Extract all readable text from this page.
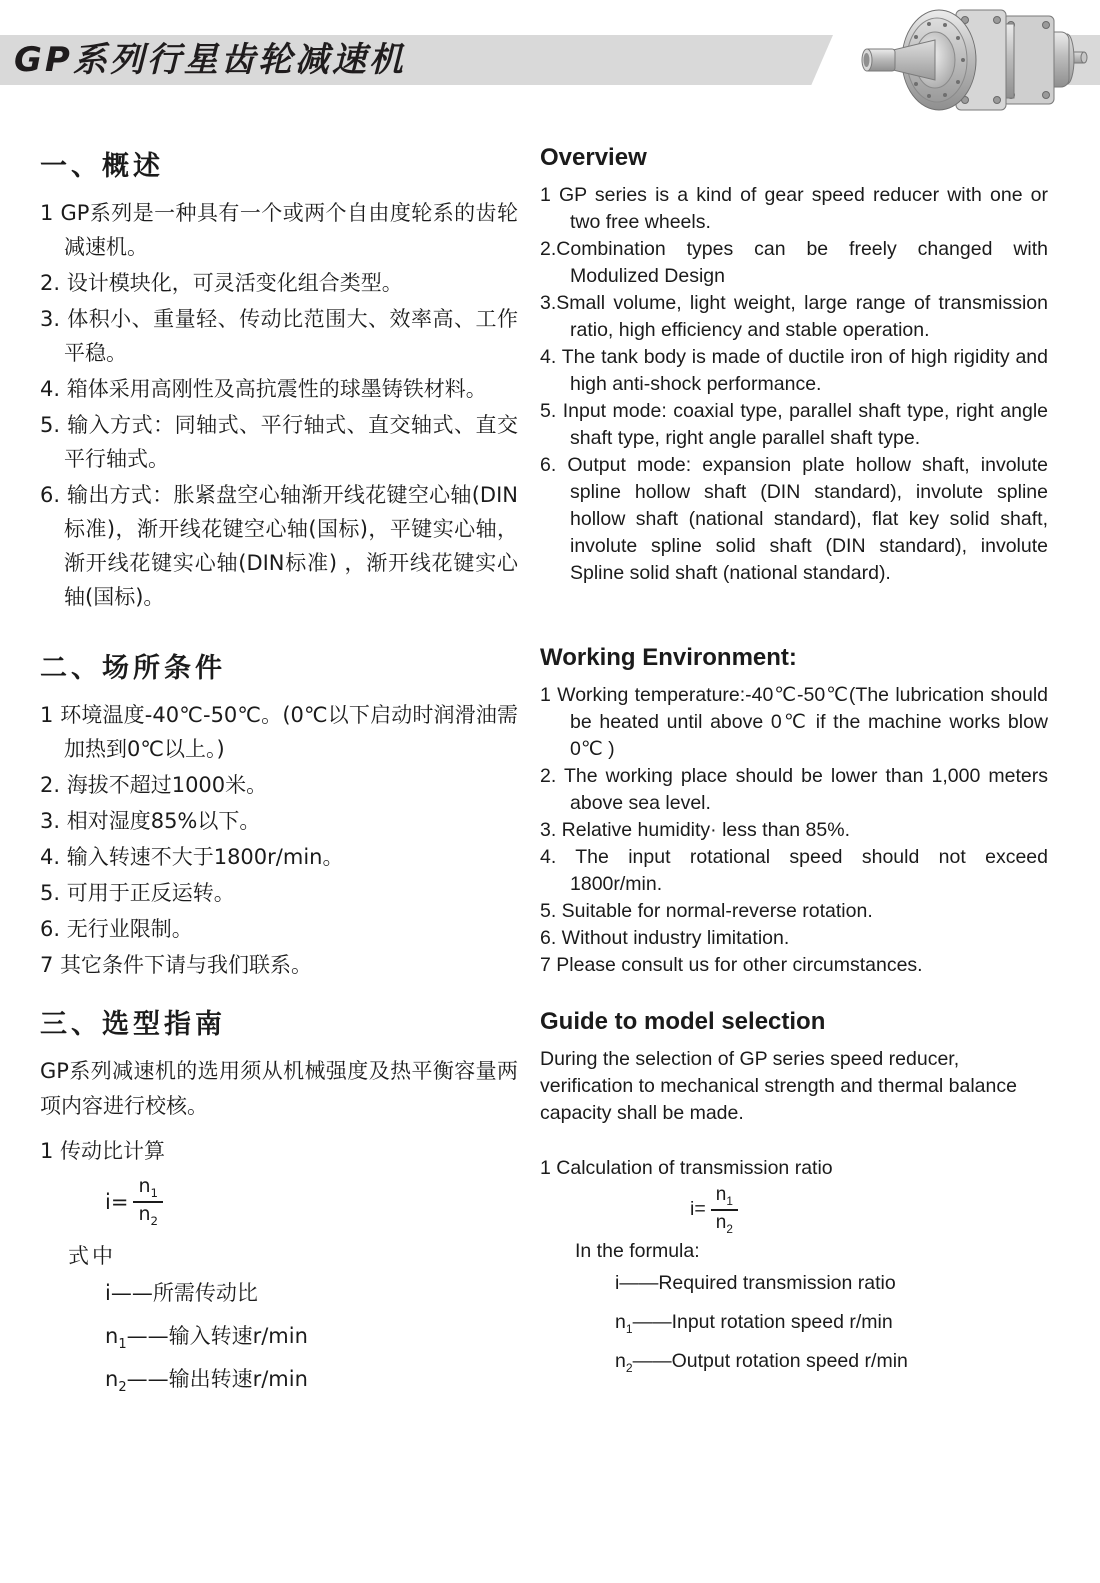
GP系列行星齿轮减速机
一、概述

1 GP系列是一种具有一个或两个自由度轮系的齿轮减速机。

2. 设计模块化，可灵活变化组合类型。

3. 体积小、重量轻、传动比范围大、效率高、工作平稳。

4. 箱体采用高刚性及高抗震性的球墨铸铁材料。

5. 输入方式：同轴式、平行轴式、直交轴式、直交平行轴式。

6. 输出方式：胀紧盘空心轴渐开线花键空心轴(DIN标准)，渐开线花键空心轴(国标)，平键实心轴，渐开线花键实心轴(DIN标准) ，渐开线花键实心轴(国标)。

二、场所条件

1 环境温度-40℃-50℃。(0℃以下启动时润滑油需加热到0℃以上。)

2. 海拔不超过1000米。

3. 相对湿度85%以下。

4. 输入转速不大于1800r/min。

5. 可用于正反运转。

6. 无行业限制。

7 其它条件下请与我们联系。

三、选型指南

GP系列减速机的选用须从机械强度及热平衡容量两项内容进行校核。

1 传动比计算

$i= \frac{n_1}{n_2}$

式中

i——所需传动比

$n_1——$输入转速r/min

$n_2——$输出转速r/min

Overview

1 GP series is a kind of gear speed reducer with one or two free wheels.

2.Combination types can be freely changed with Modulized Design

3.Small volume, light weight, large range of transmission ratio, high efficiency and stable operation.

4. The tank body is made of ductile iron of high rigidity and high anti-shock performance.

5. Input mode: coaxial type, parallel shaft type, right angle shaft type, right angle parallel shaft type.

6. Output mode: expansion plate hollow shaft, involute spline hollow shaft (DIN standard), involute spline hollow shaft (national standard), flat key solid shaft, involute spline solid shaft (DIN standard), involute Spline solid shaft (national standard).

Working Environment:

1 Working temperature:-40℃-50℃(The lubrication should be heated until above 0℃ if the machine works blow 0℃ )

2. The working place should be lower than 1,000 meters above sea level.

3. Relative humidity· less than 85%.

4. The input rotational speed should not exceed 1800r/min.

5. Suitable for normal-reverse rotation.

6. Without industry limitation.

7 Please consult us for other circumstances.

Guide to model selection

During the selection of GP series speed reducer, verification to mechanical strength and thermal balance capacity shall be made.

1 Calculation of transmission ratio

$i= \frac{n_1}{n_2}$

In the formula:

i——Required transmission ratio

$n_1——Input$ rotation speed r/min

$n_2——Output$ rotation speed r/min
